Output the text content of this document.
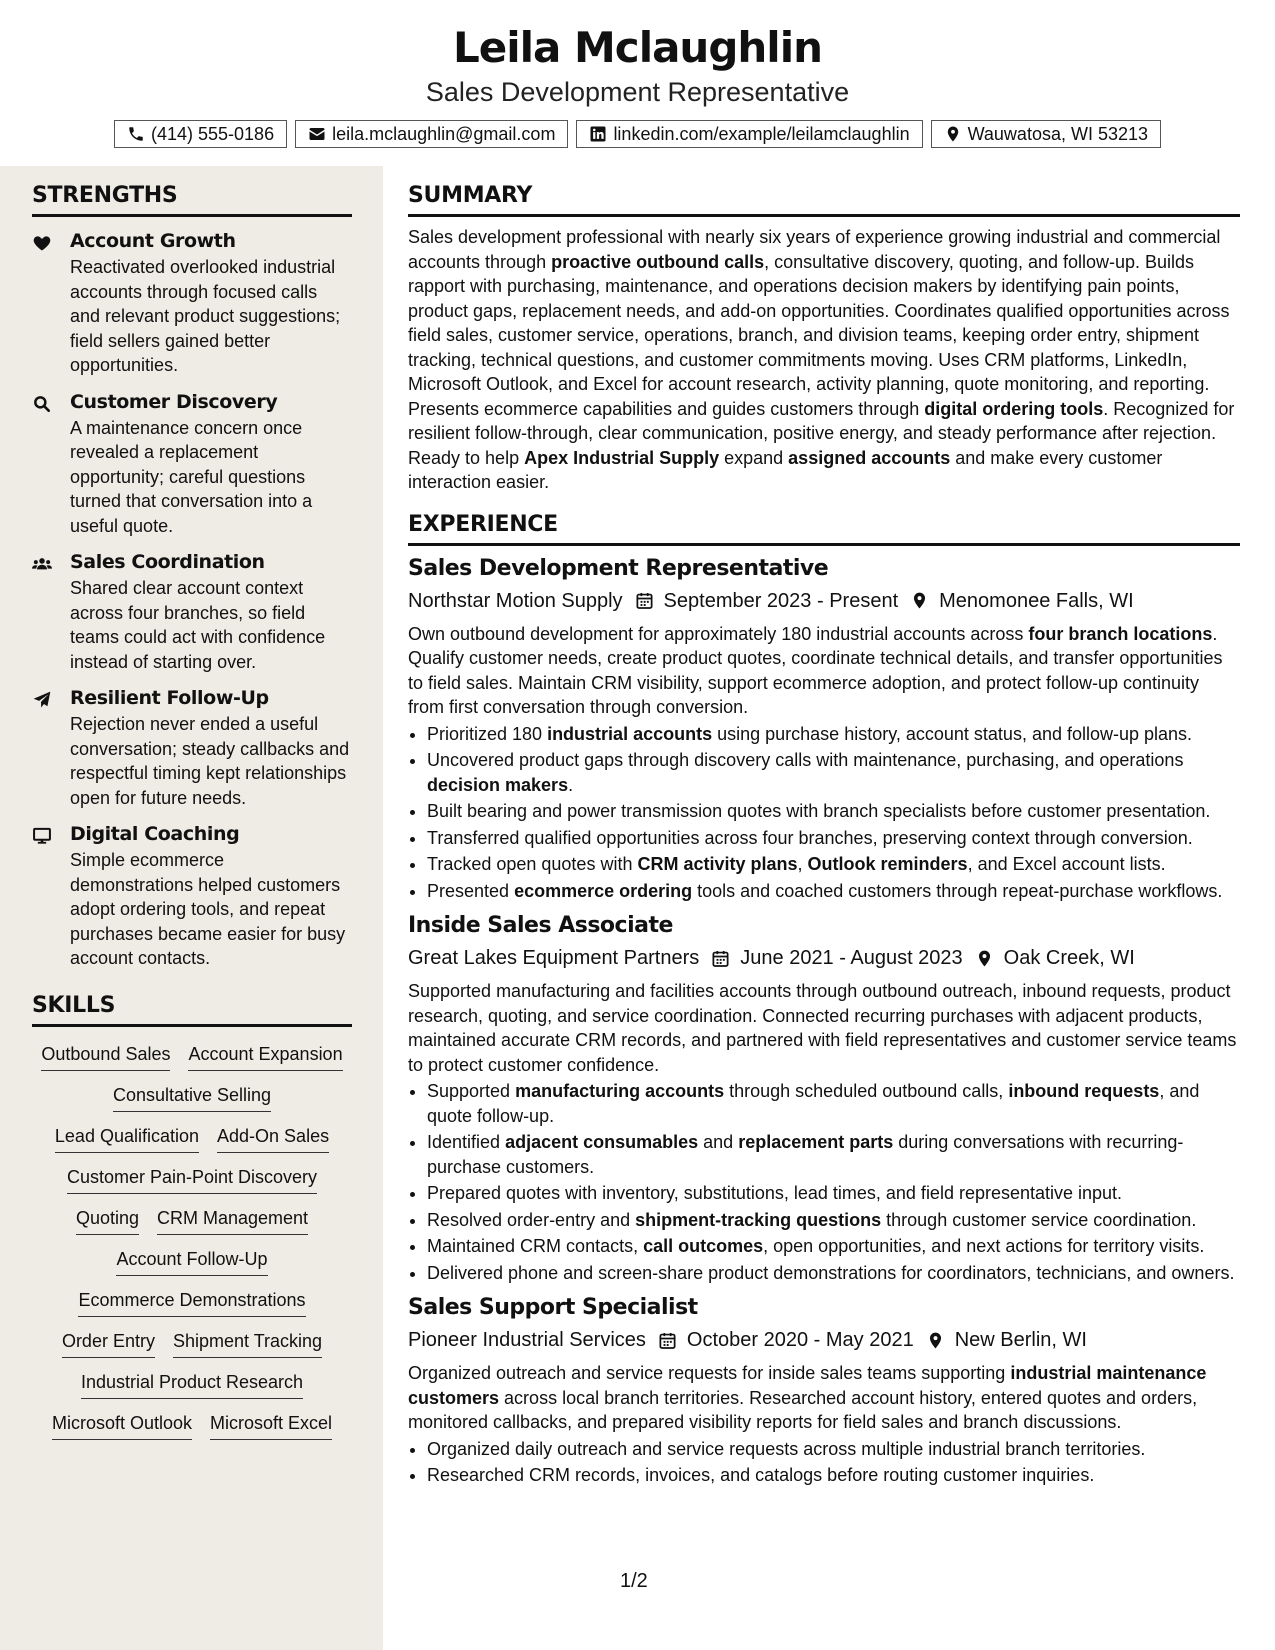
Leila Mclaughlin
Sales Development Representative
(414) 555-0186	leila.mclaughlin@gmail.com	linkedin.com/example/leilamclaughlin	Wauwatosa, WI 53213
STRENGTHS
Account Growth
Reactivated overlooked industrial accounts through focused calls and relevant product suggestions; field sellers gained better opportunities.
Customer Discovery
A maintenance concern once revealed a replacement opportunity; careful questions turned that conversation into a useful quote.
Sales Coordination
Shared clear account context across four branches, so field teams could act with confidence instead of starting over.
Resilient Follow-Up
Rejection never ended a useful conversation; steady callbacks and respectful timing kept relationships open for future needs.
Digital Coaching
Simple ecommerce demonstrations helped customers adopt ordering tools, and repeat purchases became easier for busy account contacts.
SKILLS
Outbound Sales Account Expansion
Consultative Selling
Lead Qualification Add-On Sales
Customer Pain-Point Discovery
Quoting CRM Management
Account Follow-Up
Ecommerce Demonstrations
Order Entry Shipment Tracking
Industrial Product Research
Microsoft Outlook Microsoft Excel
SUMMARY
Sales development professional with nearly six years of experience growing industrial and commercial accounts through proactive outbound calls, consultative discovery, quoting, and follow-up. Builds rapport with purchasing, maintenance, and operations decision makers by identifying pain points, product gaps, replacement needs, and add-on opportunities. Coordinates qualified opportunities across field sales, customer service, operations, branch, and division teams, keeping order entry, shipment tracking, technical questions, and customer commitments moving. Uses CRM platforms, LinkedIn, Microsoft Outlook, and Excel for account research, activity planning, quote monitoring, and reporting. Presents ecommerce capabilities and guides customers through digital ordering tools. Recognized for resilient follow-through, clear communication, positive energy, and steady performance after rejection. Ready to help Apex Industrial Supply expand assigned accounts and make every customer interaction easier.
EXPERIENCE
Sales Development Representative
Northstar Motion Supply September 2023 - Present Menomonee Falls, WI
Own outbound development for approximately 180 industrial accounts across four branch locations. Qualify customer needs, create product quotes, coordinate technical details, and transfer opportunities to field sales. Maintain CRM visibility, support ecommerce adoption, and protect follow-up continuity from first conversation through conversion.
• Prioritized 180 industrial accounts using purchase history, account status, and follow-up plans.
• Uncovered product gaps through discovery calls with maintenance, purchasing, and operations decision makers.
• Built bearing and power transmission quotes with branch specialists before customer presentation.
• Transferred qualified opportunities across four branches, preserving context through conversion.
• Tracked open quotes with CRM activity plans, Outlook reminders, and Excel account lists.
• Presented ecommerce ordering tools and coached customers through repeat-purchase workflows.
Inside Sales Associate
Great Lakes Equipment Partners June 2021 - August 2023 Oak Creek, WI
Supported manufacturing and facilities accounts through outbound outreach, inbound requests, product research, quoting, and service coordination. Connected recurring purchases with adjacent products, maintained accurate CRM records, and partnered with field representatives and customer service teams to protect customer confidence.
• Supported manufacturing accounts through scheduled outbound calls, inbound requests, and quote follow-up.
• Identified adjacent consumables and replacement parts during conversations with recurring-purchase customers.
• Prepared quotes with inventory, substitutions, lead times, and field representative input.
• Resolved order-entry and shipment-tracking questions through customer service coordination.
• Maintained CRM contacts, call outcomes, open opportunities, and next actions for territory visits.
• Delivered phone and screen-share product demonstrations for coordinators, technicians, and owners.
Sales Support Specialist
Pioneer Industrial Services October 2020 - May 2021 New Berlin, WI
Organized outreach and service requests for inside sales teams supporting industrial maintenance customers across local branch territories. Researched account history, entered quotes and orders, monitored callbacks, and prepared visibility reports for field sales and branch discussions.
• Organized daily outreach and service requests across multiple industrial branch territories.
• Researched CRM records, invoices, and catalogs before routing customer inquiries.
1/2
